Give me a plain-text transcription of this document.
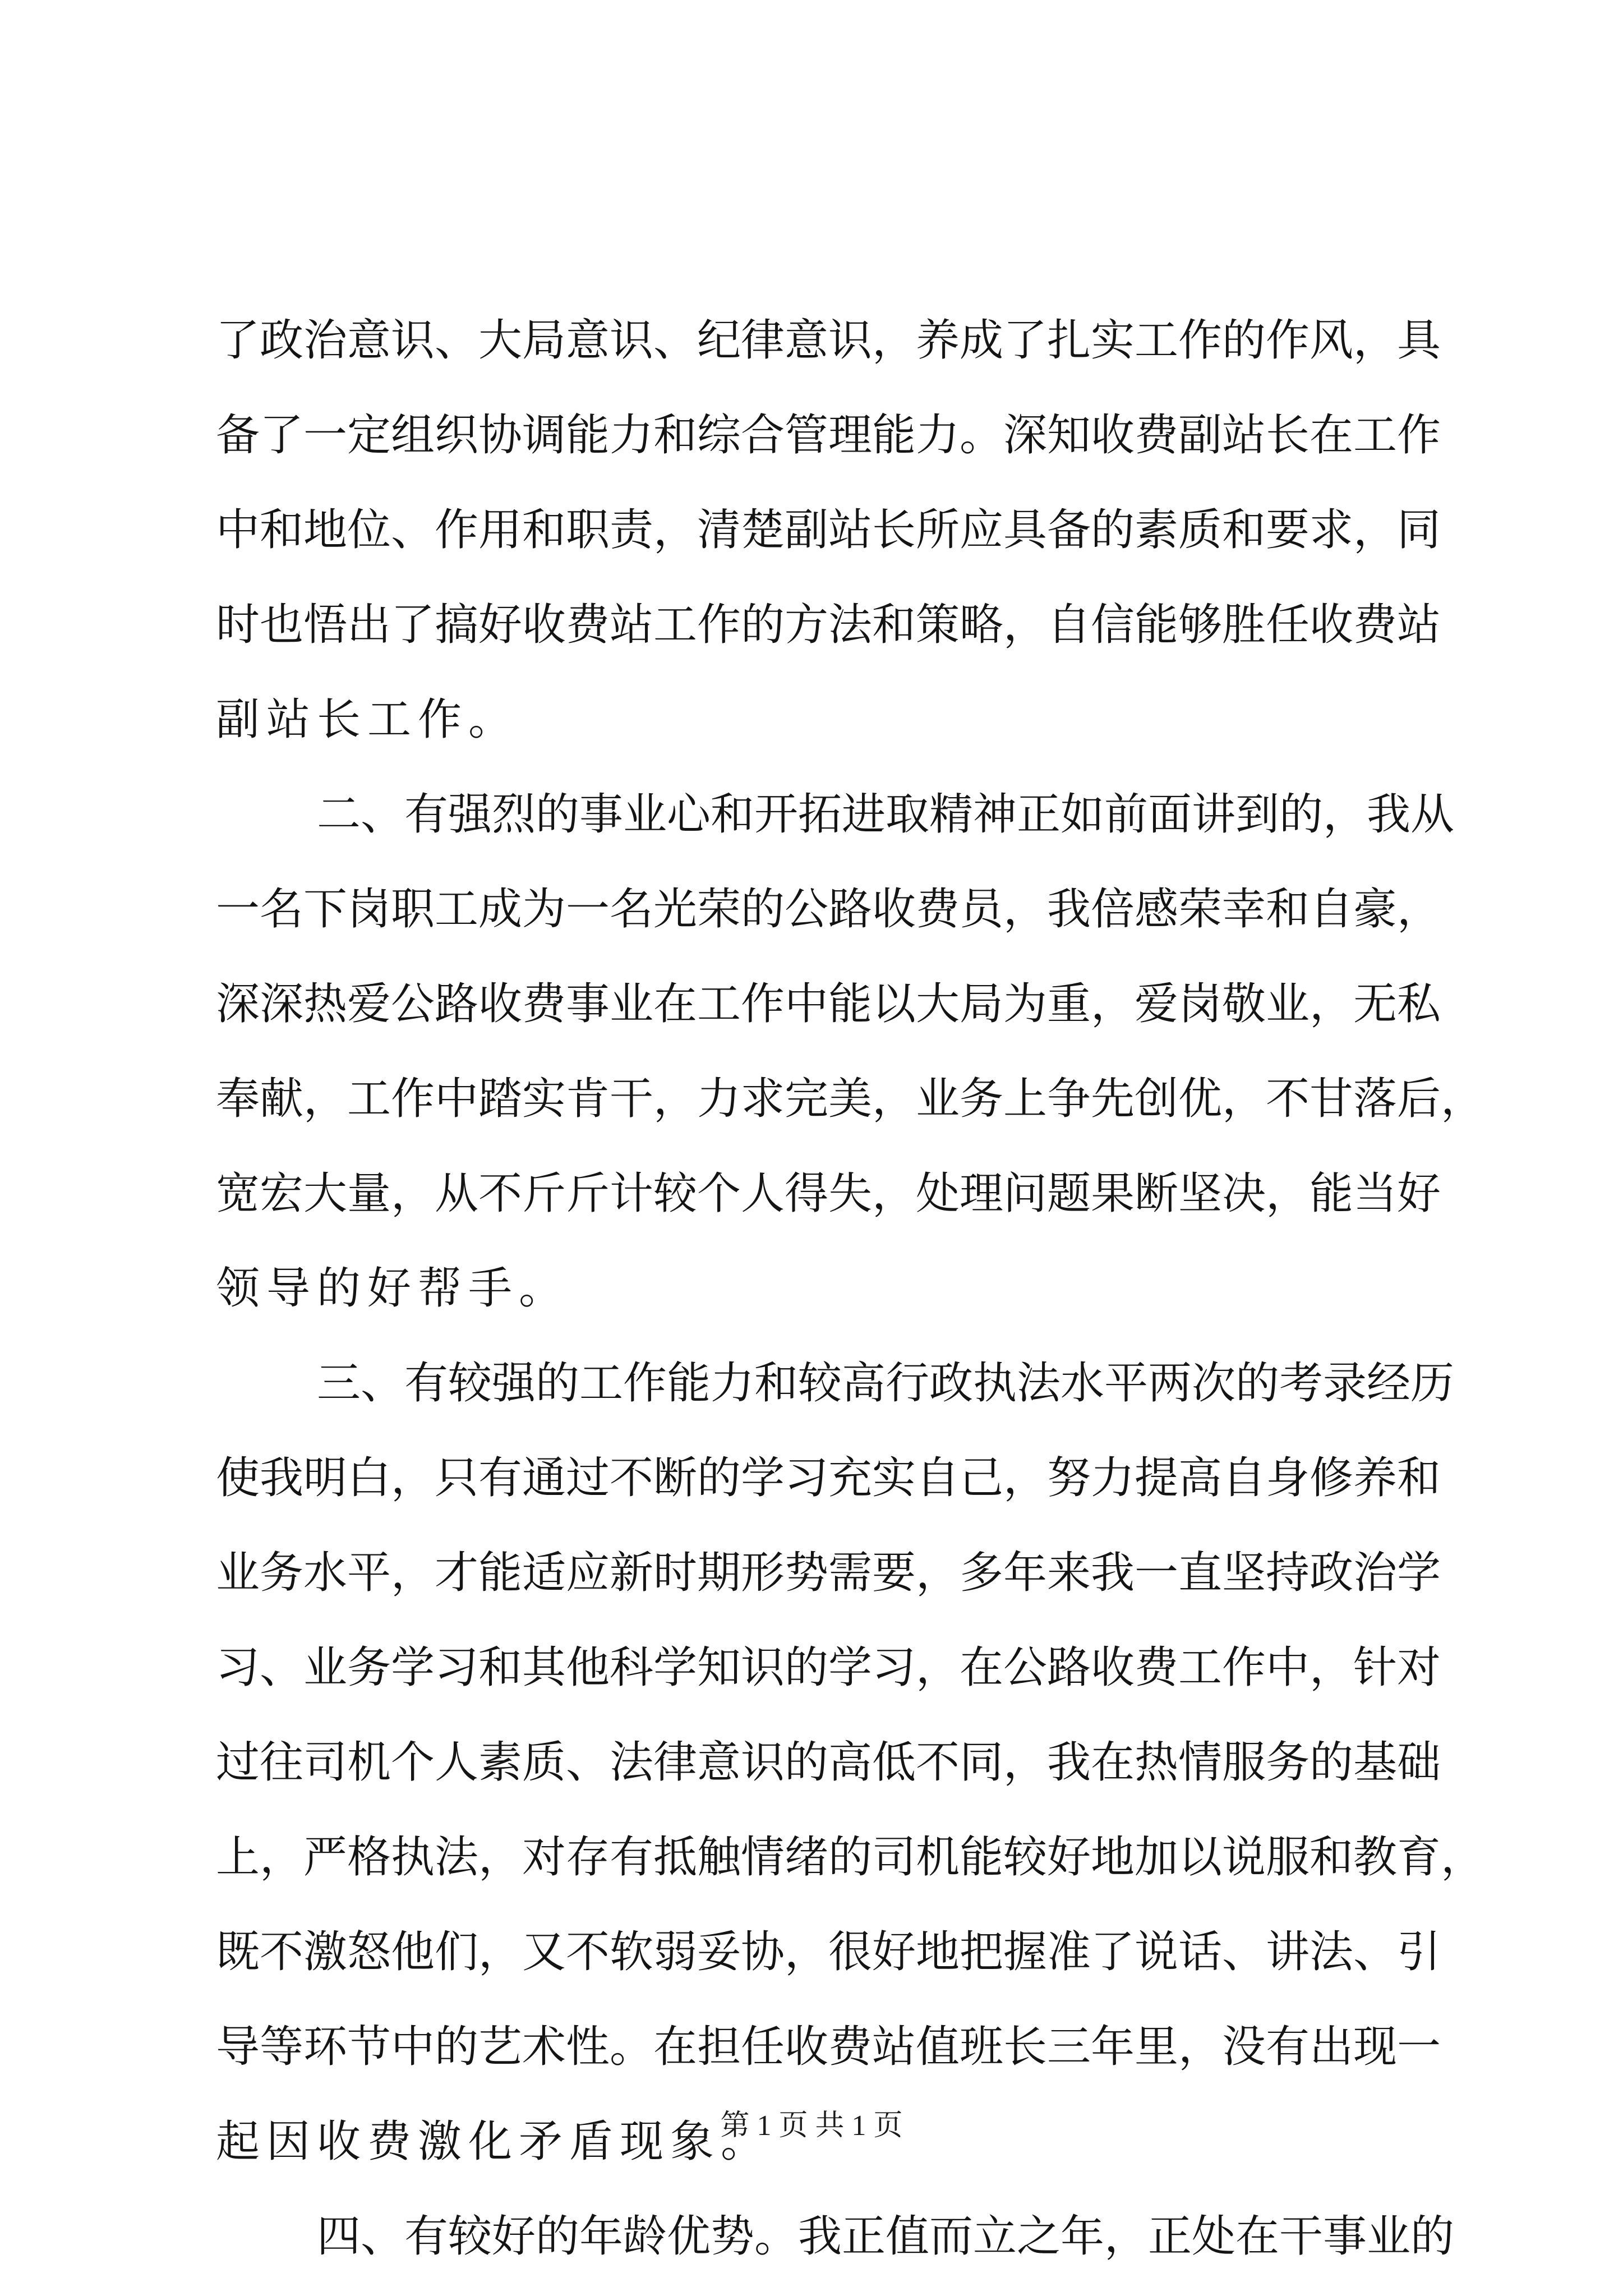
了政治意识、大局意识、纪律意识，养成了扎实工作的作风，具
备了一定组织协调能力和综合管理能力。深知收费副站长在工作
中和地位、作用和职责，清楚副站长所应具备的素质和要求，同
时也悟出了搞好收费站工作的方法和策略，自信能够胜任收费站
副站长工作。
二、有强烈的事业心和开拓进取精神正如前面讲到的，我从
一名下岗职工成为一名光荣的公路收费员，我倍感荣幸和自豪，
深深热爱公路收费事业在工作中能以大局为重，爱岗敬业，无私
奉献，工作中踏实肯干，力求完美，业务上争先创优，不甘落后，
宽宏大量，从不斤斤计较个人得失，处理问题果断坚决，能当好
领导的好帮手。
三、有较强的工作能力和较高行政执法水平两次的考录经历
使我明白，只有通过不断的学习充实自己，努力提高自身修养和
业务水平，才能适应新时期形势需要，多年来我一直坚持政治学
习、业务学习和其他科学知识的学习，在公路收费工作中，针对
过往司机个人素质、法律意识的高低不同，我在热情服务的基础
上，严格执法，对存有抵触情绪的司机能较好地加以说服和教育，
既不激怒他们，又不软弱妥协，很好地把握准了说话、讲法、引
导等环节中的艺术性。在担任收费站值班长三年里，没有出现一
起因收费激化矛盾现象。
四、有较好的年龄优势。我正值而立之年，正处在干事业的
第 1 页 共 1 页
